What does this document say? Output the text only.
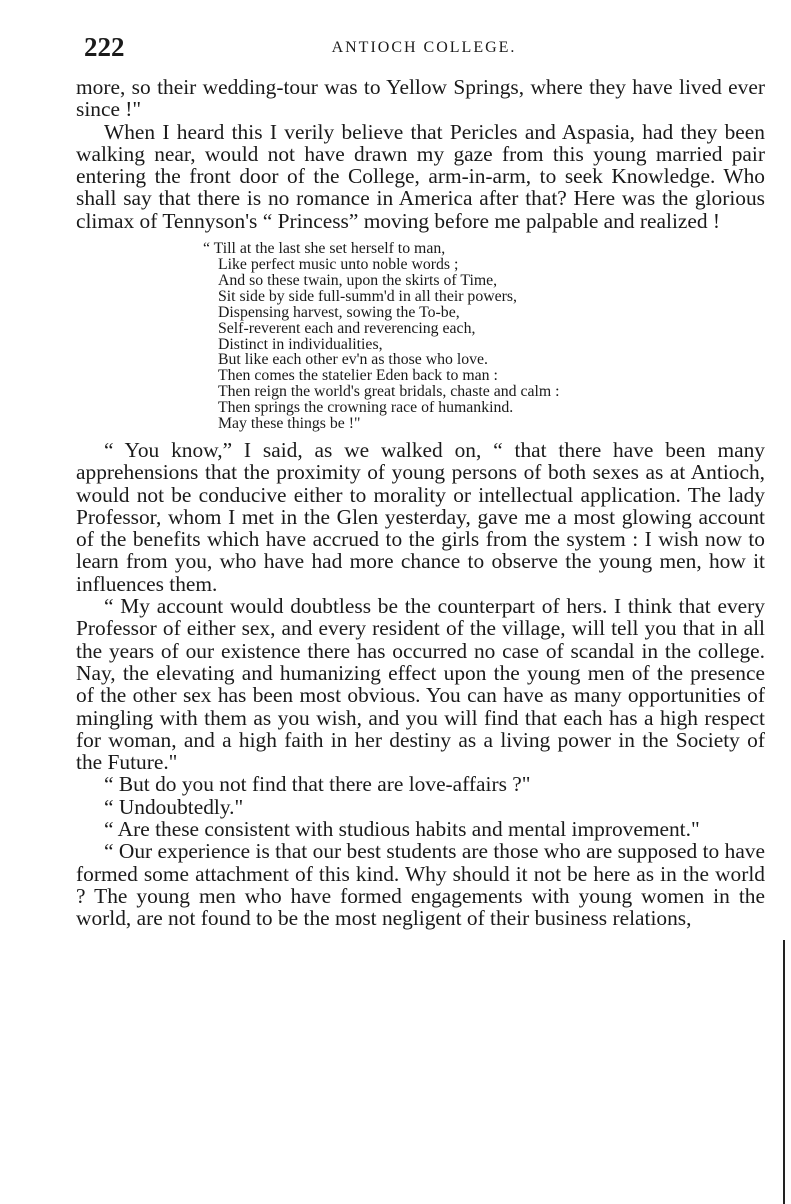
222	ANTIOCH COLLEGE.

more, so their wedding-tour was to Yellow Springs, where they have lived ever since !"

When I heard this I verily believe that Pericles and Aspasia, had they been walking near, would not have drawn my gaze from this young married pair entering the front door of the College, arm-in-arm, to seek Knowledge. Who shall say that there is no romance in America after that? Here was the glorious climax of Tennyson's “ Princess” moving before me palpable and realized !

“ Till at the last she set herself to man,
Like perfect music unto noble words ;
And so these twain, upon the skirts of Time,
Sit side by side full-summ'd in all their powers,
Dispensing harvest, sowing the To-be,
Self-reverent each and reverencing each,
Distinct in individualities,
But like each other ev'n as those who love.
Then comes the statelier Eden back to man :
Then reign the world's great bridals, chaste and calm :
Then springs the crowning race of humankind.
May these things be !"

“ You know,” I said, as we walked on, “ that there have been many apprehensions that the proximity of young persons of both sexes as at Antioch, would not be conducive either to morality or intellectual application. The lady Professor, whom I met in the Glen yesterday, gave me a most glowing account of the benefits which have accrued to the girls from the system : I wish now to learn from you, who have had more chance to observe the young men, how it influences them.

“ My account would doubtless be the counterpart of hers. I think that every Professor of either sex, and every resident of the village, will tell you that in all the years of our existence there has occurred no case of scandal in the college. Nay, the elevating and humanizing effect upon the young men of the presence of the other sex has been most obvious. You can have as many opportunities of mingling with them as you wish, and you will find that each has a high respect for woman, and a high faith in her destiny as a living power in the Society of the Future."

“ But do you not find that there are love-affairs ?"

“ Undoubtedly."

“ Are these consistent with studious habits and mental improvement."

“ Our experience is that our best students are those who are supposed to have formed some attachment of this kind. Why should it not be here as in the world ? The young men who have formed engagements with young women in the world, are not found to be the most negligent of their business relations,
